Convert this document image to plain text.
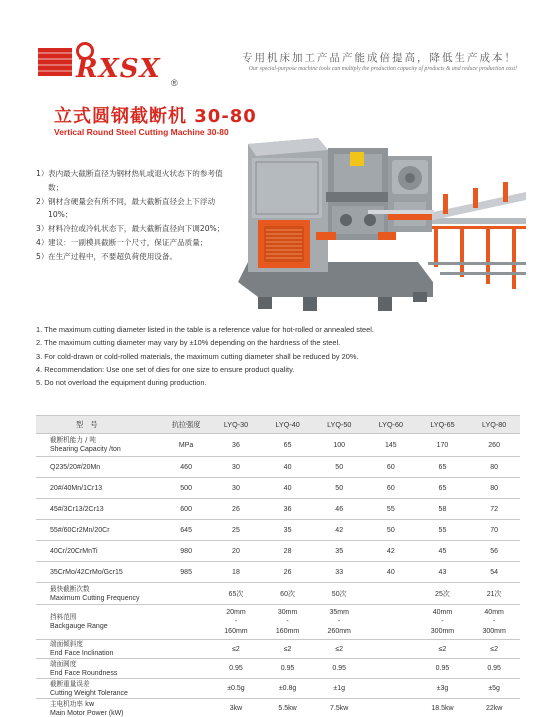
RXSX ®
专用机床加工产品产能成倍提高，降低生产成本！
Our special-purpose machine tools can multiply the production capacity of products & and reduce production cost!
立式圆钢截断机 30-80
Vertical Round Steel Cutting Machine 30-80
1） 表内最大截断直径为钢材热轧或退火状态下的参考值数；
2） 钢材含硬量会有所不同，最大截断直径会上下浮动10%；
3） 材料冷拉或冷轧状态下，最大截断直径向下调20%；
4） 建议：一副模具截断一个尺寸，保证产品质量；
5） 在生产过程中，不要超负荷使用设备。
1. The maximum cutting diameter listed in the table is a reference value for hot-rolled or annealed steel.
2. The maximum cutting diameter may vary by ±10% depending on the hardness of the steel.
3. For cold-drawn or cold-rolled materials, the maximum cutting diameter shall be reduced by 20%.
4. Recommendation: Use one set of dies for one size to ensure product quality.
5. Do not overload the equipment during production.
型　号	抗拉强度	LYQ-30	LYQ-40	LYQ-50	LYQ-60	LYQ-65	LYQ-80

截断机能力 / 吨
Shearing Capacity /ton	MPa	36	65	100	145	170	260
Q235/20#/20Mn	460	30	40	50	60	65	80
20#/40Mn/1Cr13	500	30	40	50	60	65	80
45#/3Cr13/2Cr13	600	26	36	46	55	58	72
55#/60Cr2Mn/20Cr	645	25	35	42	50	55	70
40Cr/20CrMnTi	980	20	28	35	42	45	56
35CrMo/42CrMo/Gcr15	985	18	26	33	40	43	54

最快截断次数
Maximum Cutting Frequency		65次	60次	50次		25次	21次

挡料范围
Backgauge Range		20mm
-
160mm	30mm
-
160mm	35mm
-
260mm		40mm
-
300mm	40mm
-
300mm

端面倾斜度
End Face Inclination		≤2	≤2	≤2		≤2	≤2

端面圆度
End Face Roundness		0.95	0.95	0.95		0.95	0.95

截断重量误差
Cutting Weight Tolerance		±0.5g	±0.8g	±1g		±3g	±5g

主电机功率 kw
Main Motor Power (kW)		3kw	5.5kw	7.5kw		18.5kw	22kw
